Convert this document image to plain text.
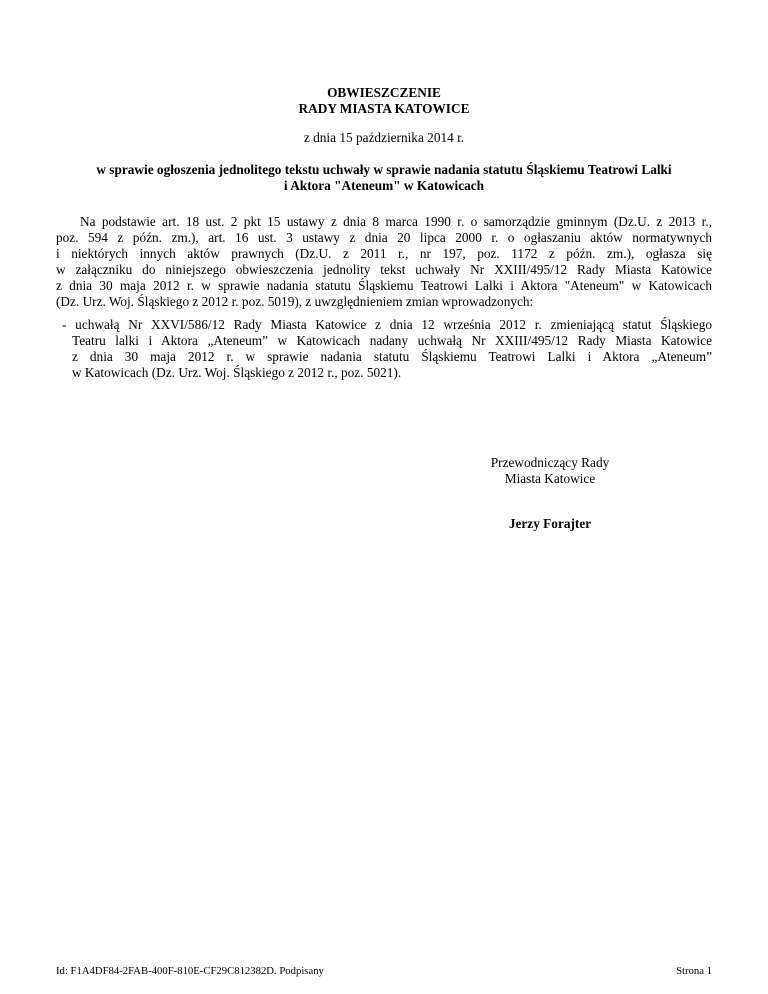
OBWIESZCZENIE
RADY MIASTA KATOWICE
z dnia 15 października 2014 r.
w sprawie ogłoszenia jednolitego tekstu uchwały w sprawie nadania statutu Śląskiemu Teatrowi Lalki
i Aktora "Ateneum" w Katowicach
Na podstawie art. 18 ust. 2 pkt 15 ustawy z dnia 8 marca 1990 r. o samorządzie gminnym (Dz.U. z 2013 r.,
poz. 594 z późn. zm.), art. 16 ust. 3 ustawy z dnia 20 lipca 2000 r. o ogłaszaniu aktów normatywnych
i niektórych innych aktów prawnych (Dz.U. z 2011 r., nr 197, poz. 1172 z późn. zm.), ogłasza się
w załączniku do niniejszego obwieszczenia jednolity tekst uchwały Nr XXIII/495/12 Rady Miasta Katowice
z dnia 30 maja 2012 r. w sprawie nadania statutu Śląskiemu Teatrowi Lalki i Aktora "Ateneum" w Katowicach
(Dz. Urz. Woj. Śląskiego z 2012 r. poz. 5019), z uwzględnieniem zmian wprowadzonych:
- uchwałą Nr XXVI/586/12 Rady Miasta Katowice z dnia 12 września 2012 r. zmieniającą statut Śląskiego
Teatru lalki i Aktora „Ateneum” w Katowicach nadany uchwałą Nr XXIII/495/12 Rady Miasta Katowice
z dnia 30 maja 2012 r. w sprawie nadania statutu Śląskiemu Teatrowi Lalki i Aktora „Ateneum”
w Katowicach (Dz. Urz. Woj. Śląskiego z 2012 r., poz. 5021).
Przewodniczący Rady
Miasta Katowice
Jerzy Forajter
Id: F1A4DF84-2FAB-400F-810E-CF29C812382D. Podpisany	Strona 1
